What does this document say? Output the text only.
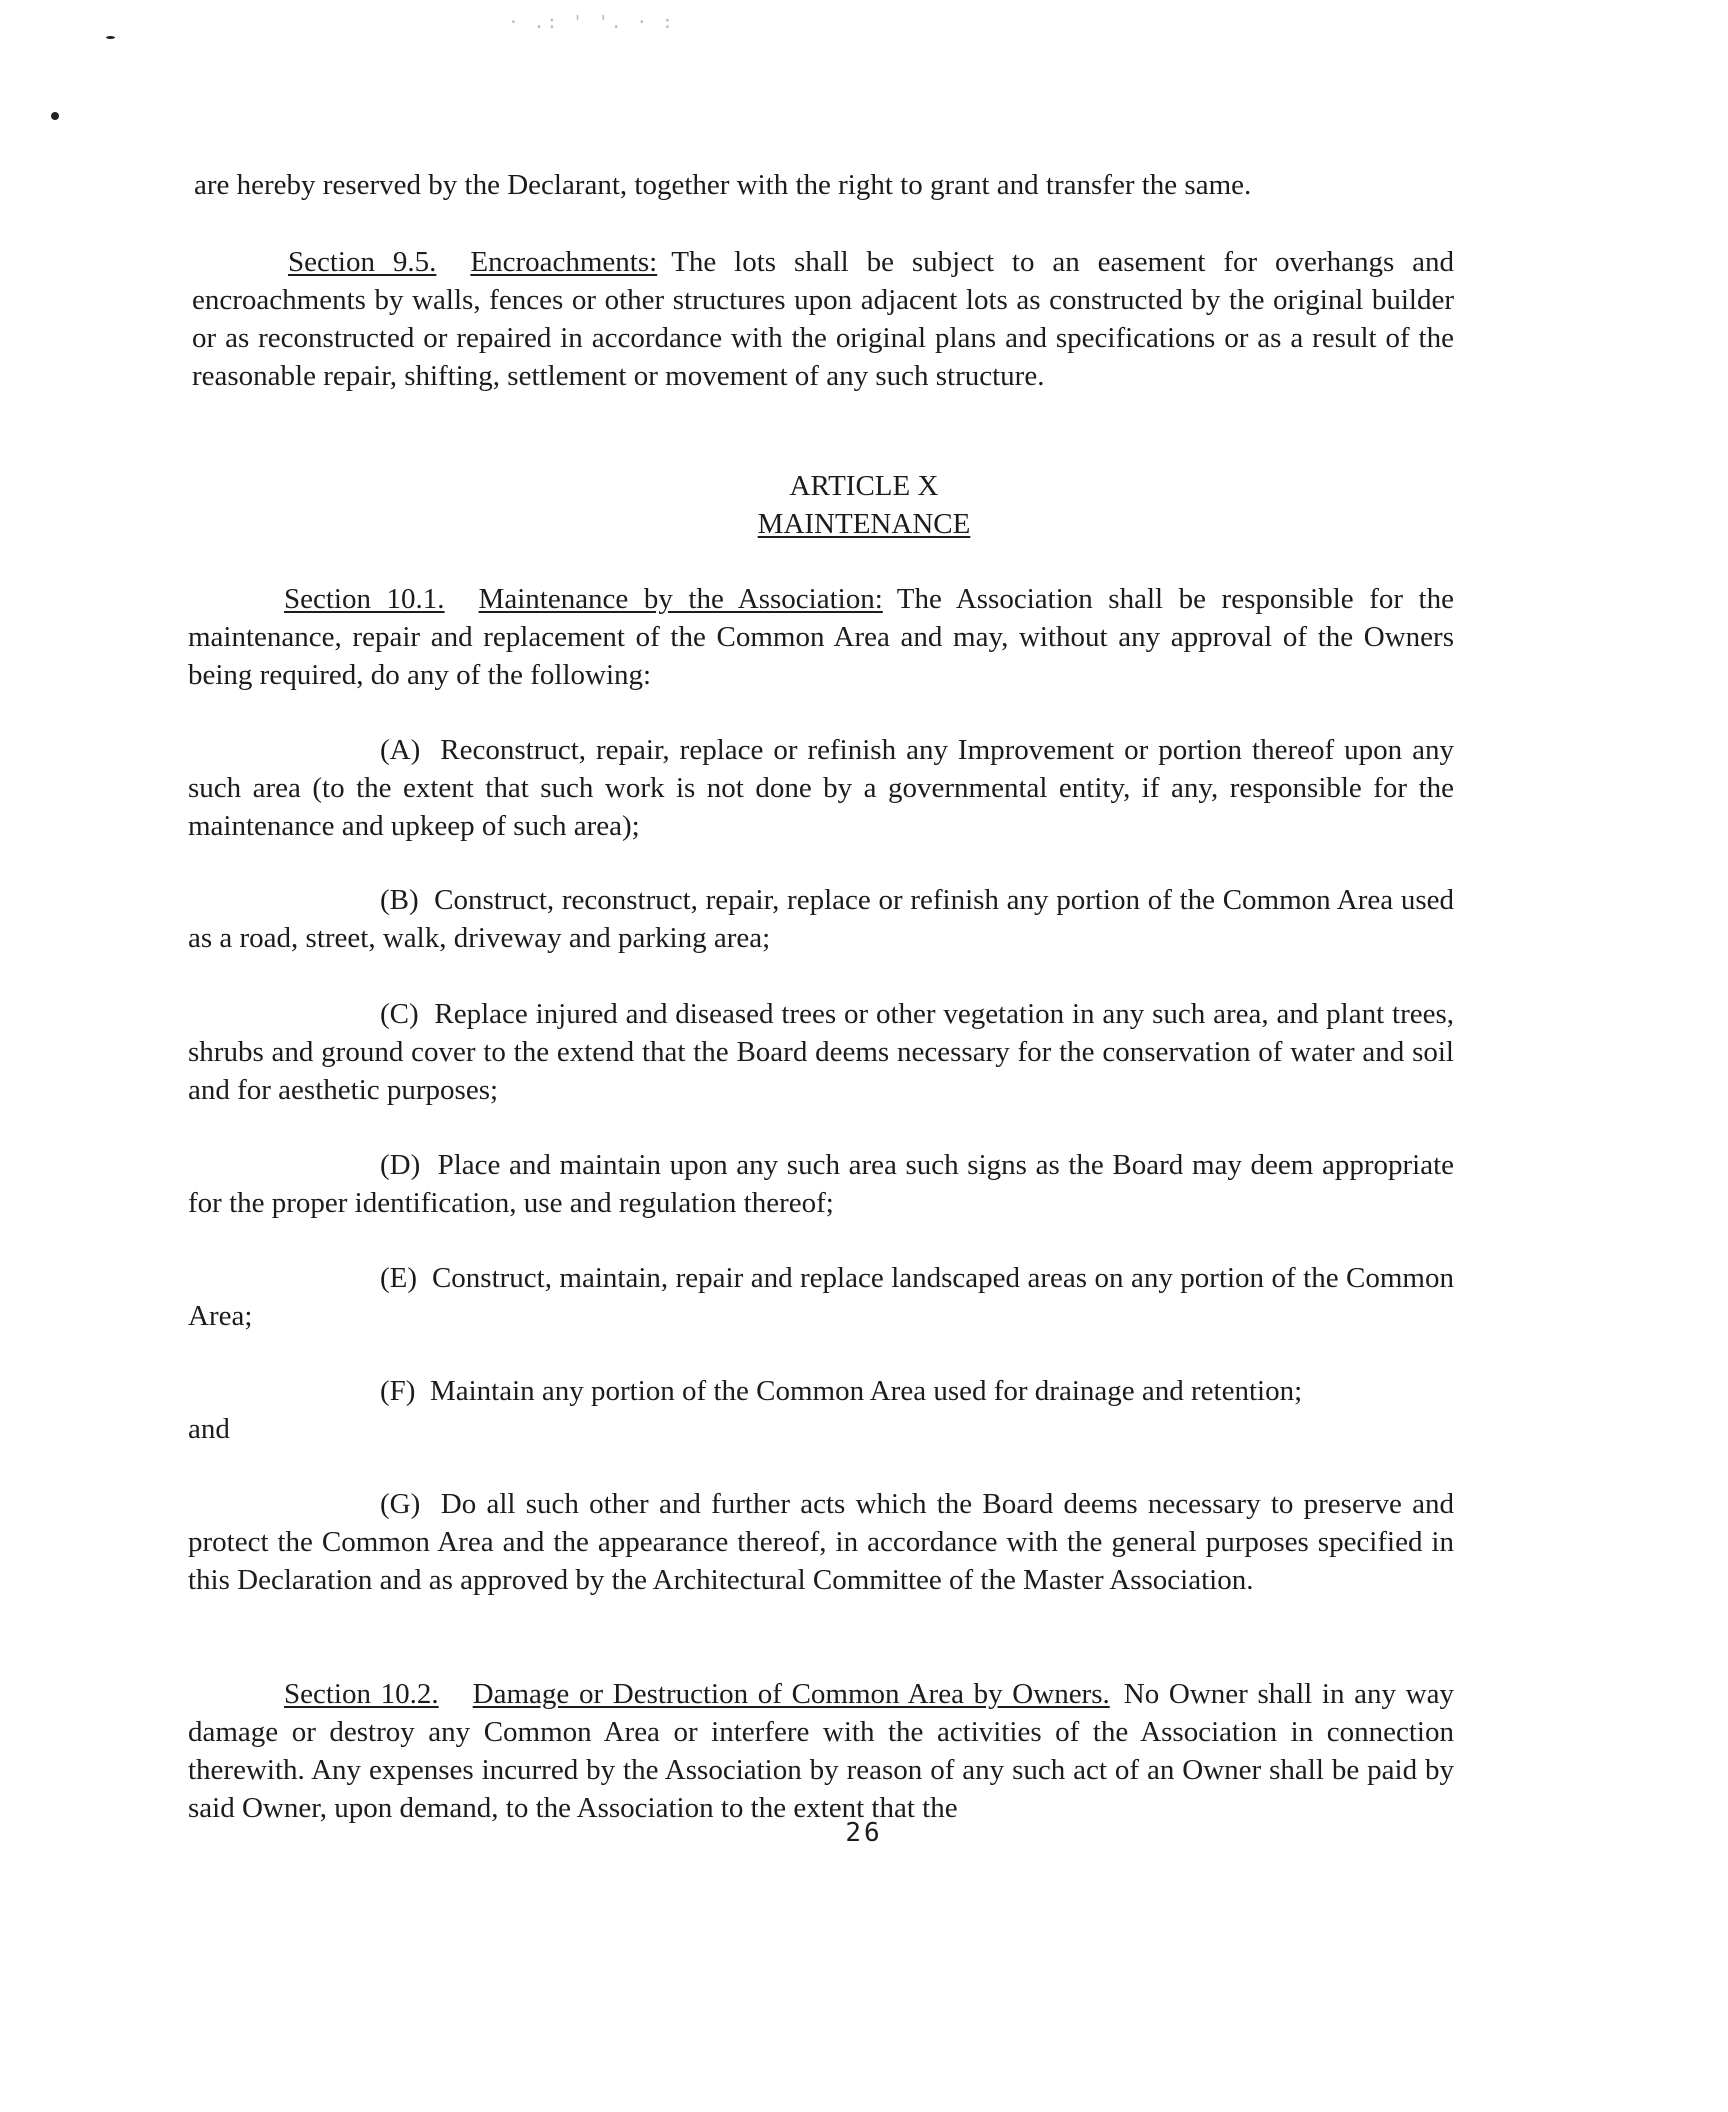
· .: ' '. · :

are hereby reserved by the Declarant, together with the right to grant and transfer the same.

Section 9.5. Encroachments: The lots shall be subject to an easement for overhangs and encroachments by walls, fences or other structures upon adjacent lots as constructed by the original builder or as reconstructed or repaired in accordance with the original plans and specifications or as a result of the reasonable repair, shifting, settlement or movement of any such structure.

ARTICLE X

MAINTENANCE

Section 10.1. Maintenance by the Association: The Association shall be responsible for the maintenance, repair and replacement of the Common Area and may, without any approval of the Owners being required, do any of the following:

(A) Reconstruct, repair, replace or refinish any Improvement or portion thereof upon any such area (to the extent that such work is not done by a governmental entity, if any, responsible for the maintenance and upkeep of such area);

(B) Construct, reconstruct, repair, replace or refinish any portion of the Common Area used as a road, street, walk, driveway and parking area;

(C) Replace injured and diseased trees or other vegetation in any such area, and plant trees, shrubs and ground cover to the extend that the Board deems necessary for the conservation of water and soil and for aesthetic purposes;

(D) Place and maintain upon any such area such signs as the Board may deem appropriate for the proper identification, use and regulation thereof;

(E) Construct, maintain, repair and replace landscaped areas on any portion of the Common Area;

(F) Maintain any portion of the Common Area used for drainage and retention;

and

(G) Do all such other and further acts which the Board deems necessary to preserve and protect the Common Area and the appearance thereof, in accordance with the general purposes specified in this Declaration and as approved by the Architectural Committee of the Master Association.

Section 10.2. Damage or Destruction of Common Area by Owners. No Owner shall in any way damage or destroy any Common Area or interfere with the activities of the Association in connection therewith. Any expenses incurred by the Association by reason of any such act of an Owner shall be paid by said Owner, upon demand, to the Association to the extent that the

26
